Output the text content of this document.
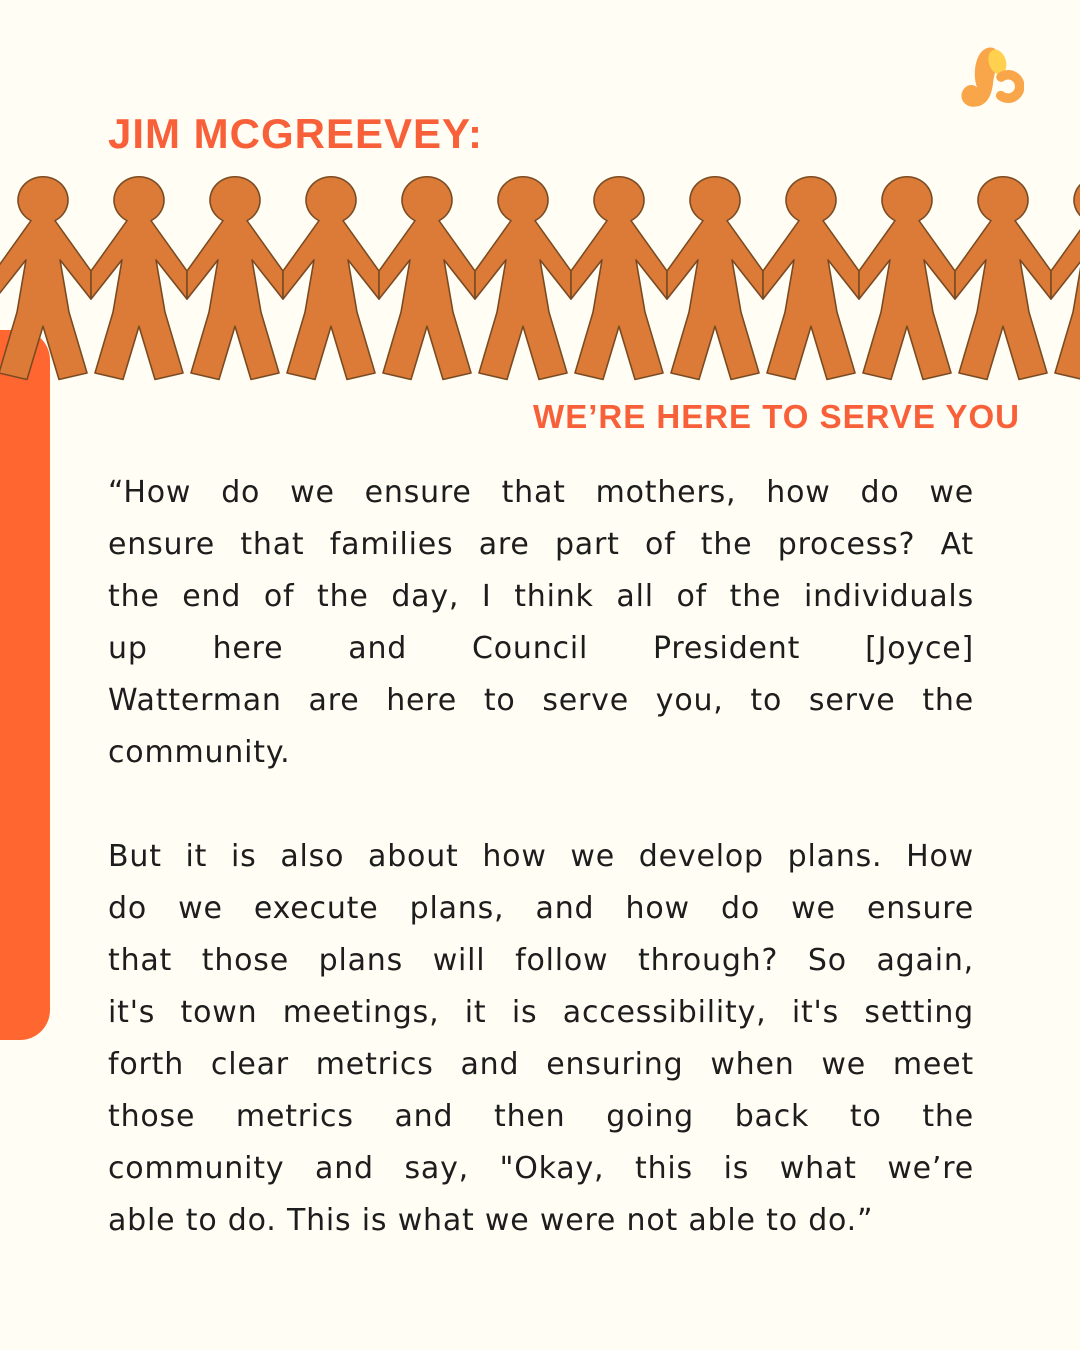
JIM MCGREEVEY:
WE’RE HERE TO SERVE YOU
“How do we ensure that mothers, how do we
ensure that families are part of the process? At
the end of the day, I think all of the individuals
up here and Council President [Joyce]
Watterman are here to serve you, to serve the
community.
But it is also about how we develop plans. How
do we execute plans, and how do we ensure
that those plans will follow through? So again,
it's town meetings, it is accessibility, it's setting
forth clear metrics and ensuring when we meet
those metrics and then going back to the
community and say, "Okay, this is what we’re
able to do. This is what we were not able to do.”
